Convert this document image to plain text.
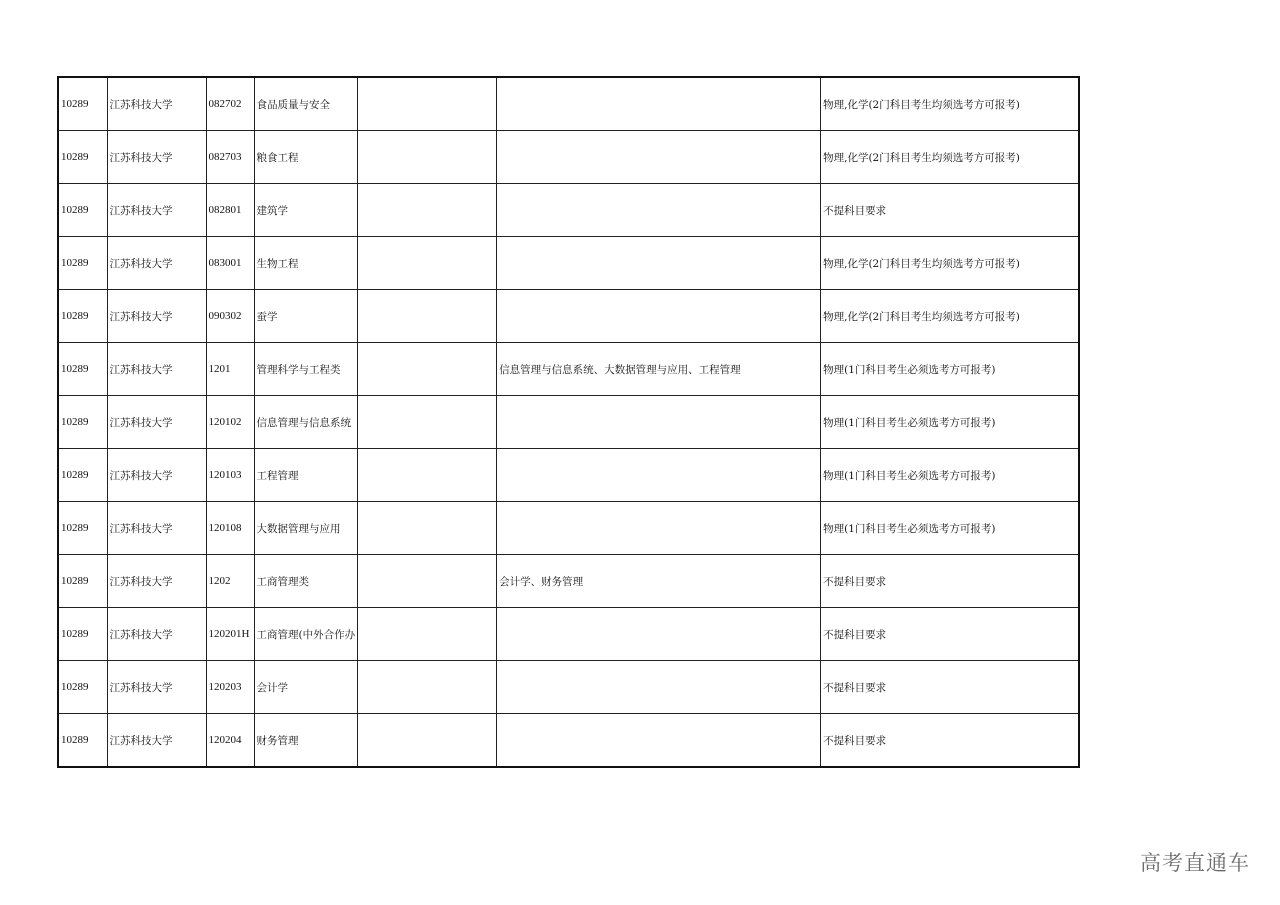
10289	江苏科技大学	082702	食品质量与安全			物理,化学(2门科目考生均须选考方可报考)
10289	江苏科技大学	082703	粮食工程			物理,化学(2门科目考生均须选考方可报考)
10289	江苏科技大学	082801	建筑学			不提科目要求
10289	江苏科技大学	083001	生物工程			物理,化学(2门科目考生均须选考方可报考)
10289	江苏科技大学	090302	蚕学			物理,化学(2门科目考生均须选考方可报考)
10289	江苏科技大学	1201	管理科学与工程类		信息管理与信息系统、大数据管理与应用、工程管理	物理(1门科目考生必须选考方可报考)
10289	江苏科技大学	120102	信息管理与信息系统			物理(1门科目考生必须选考方可报考)
10289	江苏科技大学	120103	工程管理			物理(1门科目考生必须选考方可报考)
10289	江苏科技大学	120108	大数据管理与应用			物理(1门科目考生必须选考方可报考)
10289	江苏科技大学	1202	工商管理类		会计学、财务管理	不提科目要求
10289	江苏科技大学	120201H	工商管理(中外合作办			不提科目要求
10289	江苏科技大学	120203	会计学			不提科目要求
10289	江苏科技大学	120204	财务管理			不提科目要求
高考直通车
